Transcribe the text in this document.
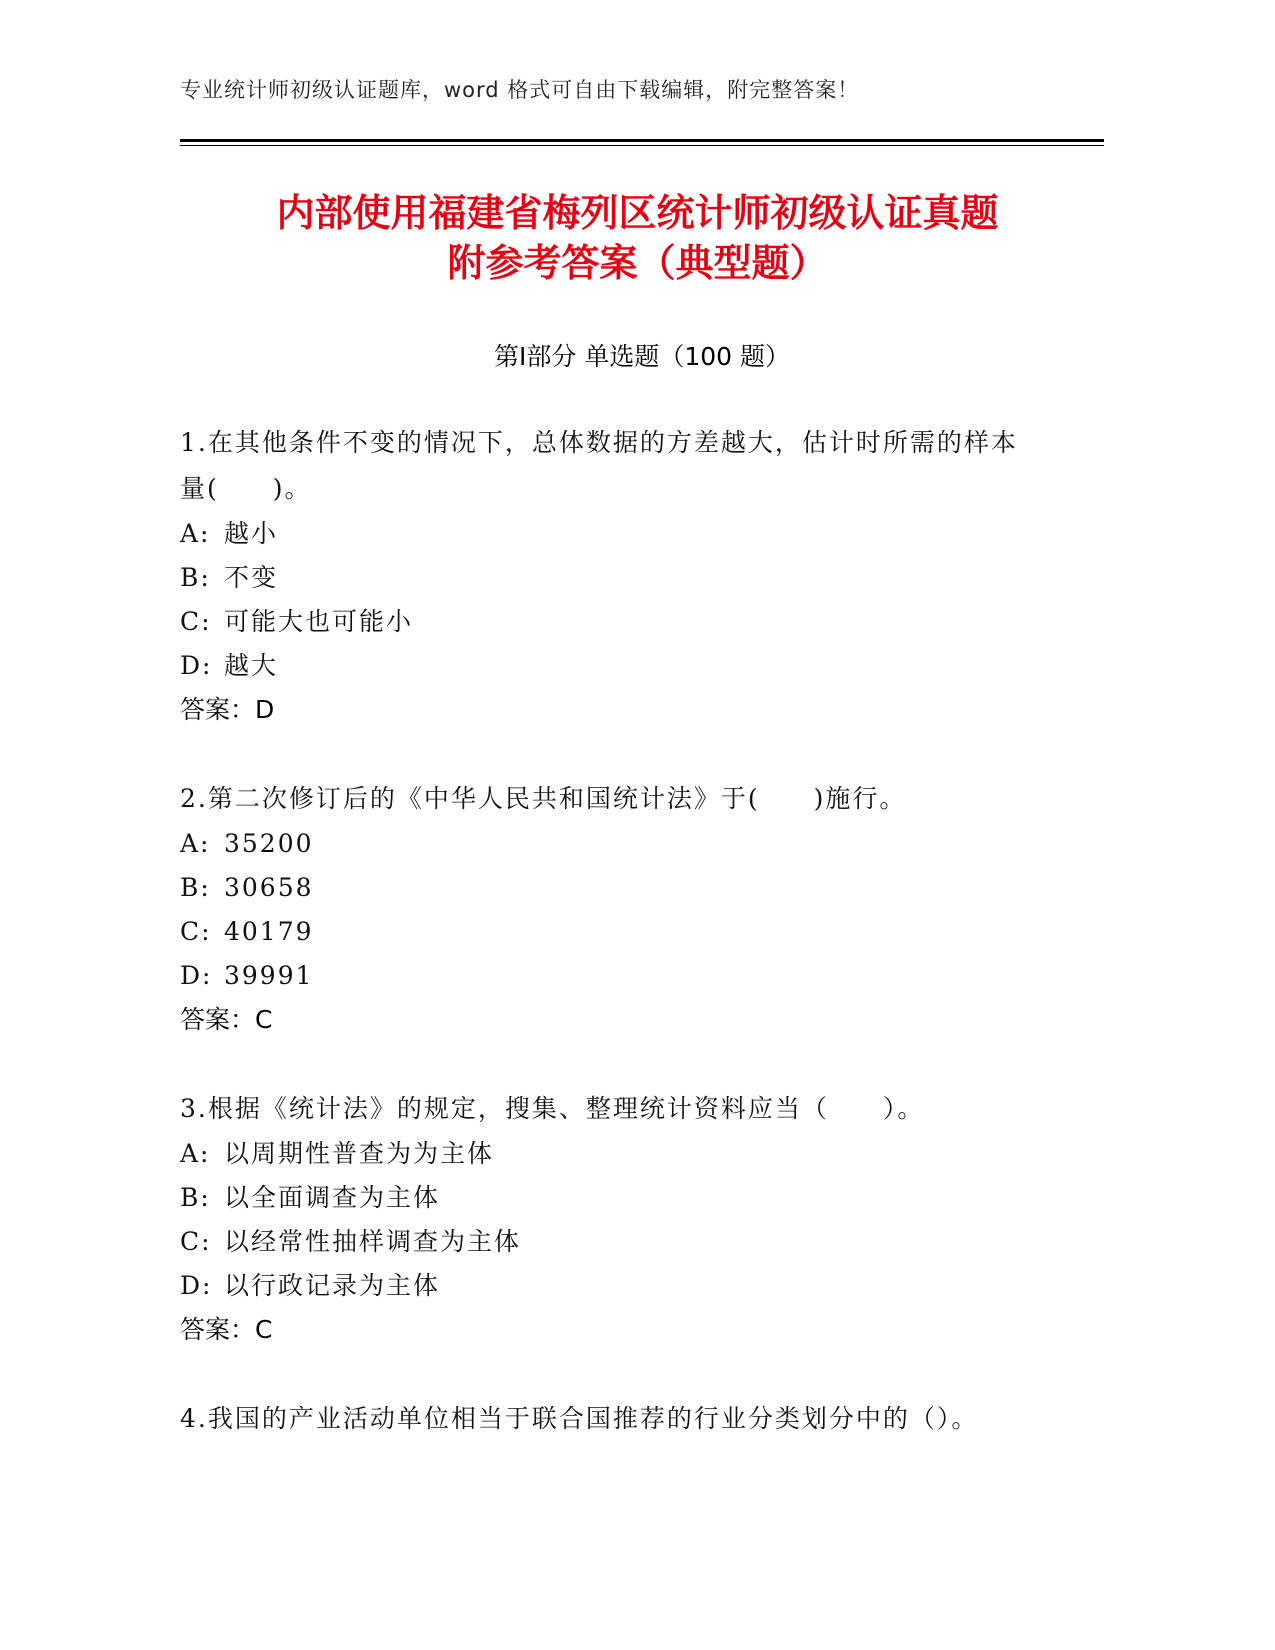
专业统计师初级认证题库，word 格式可自由下载编辑，附完整答案！
内部使用福建省梅列区统计师初级认证真题
附参考答案（典型题）
第Ⅰ部分 单选题（100 题）

1.在其他条件不变的情况下，总体数据的方差越大，估计时所需的样本量(　　)。

A: 越小
B: 不变
C: 可能大也可能小
D: 越大
答案：D

2.第二次修订后的《中华人民共和国统计法》于(　　)施行。

A: 35200
B: 30658
C: 40179
D: 39991
答案：C

3.根据《统计法》的规定，搜集、整理统计资料应当（　　）。

A: 以周期性普查为为主体
B: 以全面调查为主体
C: 以经常性抽样调查为主体
D: 以行政记录为主体
答案：C

4.我国的产业活动单位相当于联合国推荐的行业分类划分中的（）。
